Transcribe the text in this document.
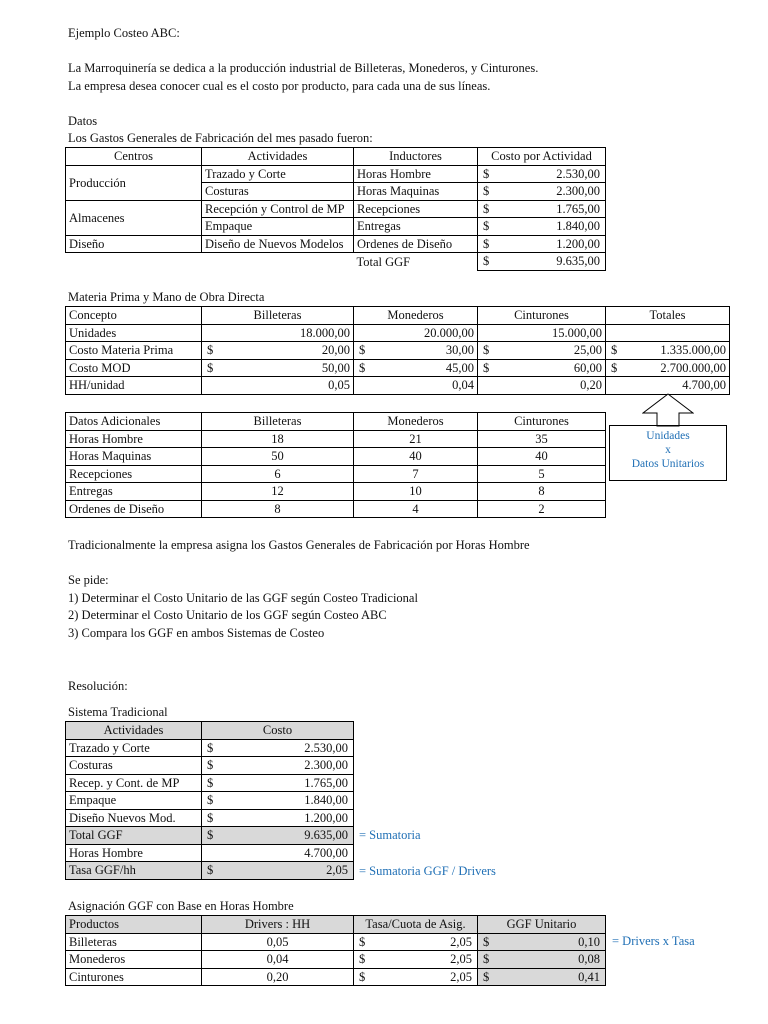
Ejemplo Costeo ABC:
La Marroquinería se dedica a la producción industrial de Billeteras, Monederos, y Cinturones.
La empresa desea conocer cual es el costo por producto, para cada una de sus líneas.
Datos
Los Gastos Generales de Fabricación del mes pasado fueron:
Centros	Actividades	Inductores	Costo por Actividad	
Producción	Trazado y Corte	Horas Hombre	$	2.530,00
	Costuras	Horas Maquinas	$	2.300,00
Almacenes	Recepción y Control de MP	Recepciones	$	1.765,00
	Empaque	Entregas	$	1.840,00
Diseño	Diseño de Nuevos Modelos	Ordenes de Diseño	$	1.200,00
		Total GGF	$	9.635,00
Materia Prima y Mano de Obra Directa
Concepto	Billeteras	Monederos	Cinturones	Totales
Unidades	18.000,00	20.000,00	15.000,00	
Costo Materia Prima	$ 20,00	$ 30,00	$ 25,00	$ 1.335.000,00

Costo MOD	$ 50,00	$ 45,00	$ 60,00	$ 2.700.000,00

HH/unidad	0,05	0,04	0,20	4.700,00
Unidades
x
Datos Unitarios
Datos Adicionales	Billeteras	Monederos	Cinturones
Horas Hombre	18	21	35
Horas Maquinas	50	40	40
Recepciones	6	7	5
Entregas	12	10	8
Ordenes de Diseño	8	4	2
Tradicionalmente la empresa asigna los Gastos Generales de Fabricación por Horas Hombre
Se pide:
1) Determinar el Costo Unitario de las GGF según Costeo Tradicional
2) Determinar el Costo Unitario de los GGF según Costeo ABC
3) Compara los GGF en ambos Sistemas de Costeo
Resolución:
Sistema Tradicional
Actividades	Costo	
Trazado y Corte	$	2.530,00
Costuras	$	2.300,00
Recep. y Cont. de MP	$	1.765,00
Empaque	$	1.840,00
Diseño Nuevos Mod.	$	1.200,00
Total GGF	$	9.635,00
Horas Hombre	4.700,00	
Tasa GGF/hh	$	2,05
= Sumatoria
= Sumatoria GGF / Drivers
Asignación GGF con Base en Horas Hombre
Productos	Drivers : HH	Tasa/Cuota de Asig.		GGF Unitario	
Billeteras	0,05	$	2,05	$	0,10
Monederos	0,04	$	2,05	$	0,08
Cinturones	0,20	$	2,05	$	0,41
= Drivers x Tasa
